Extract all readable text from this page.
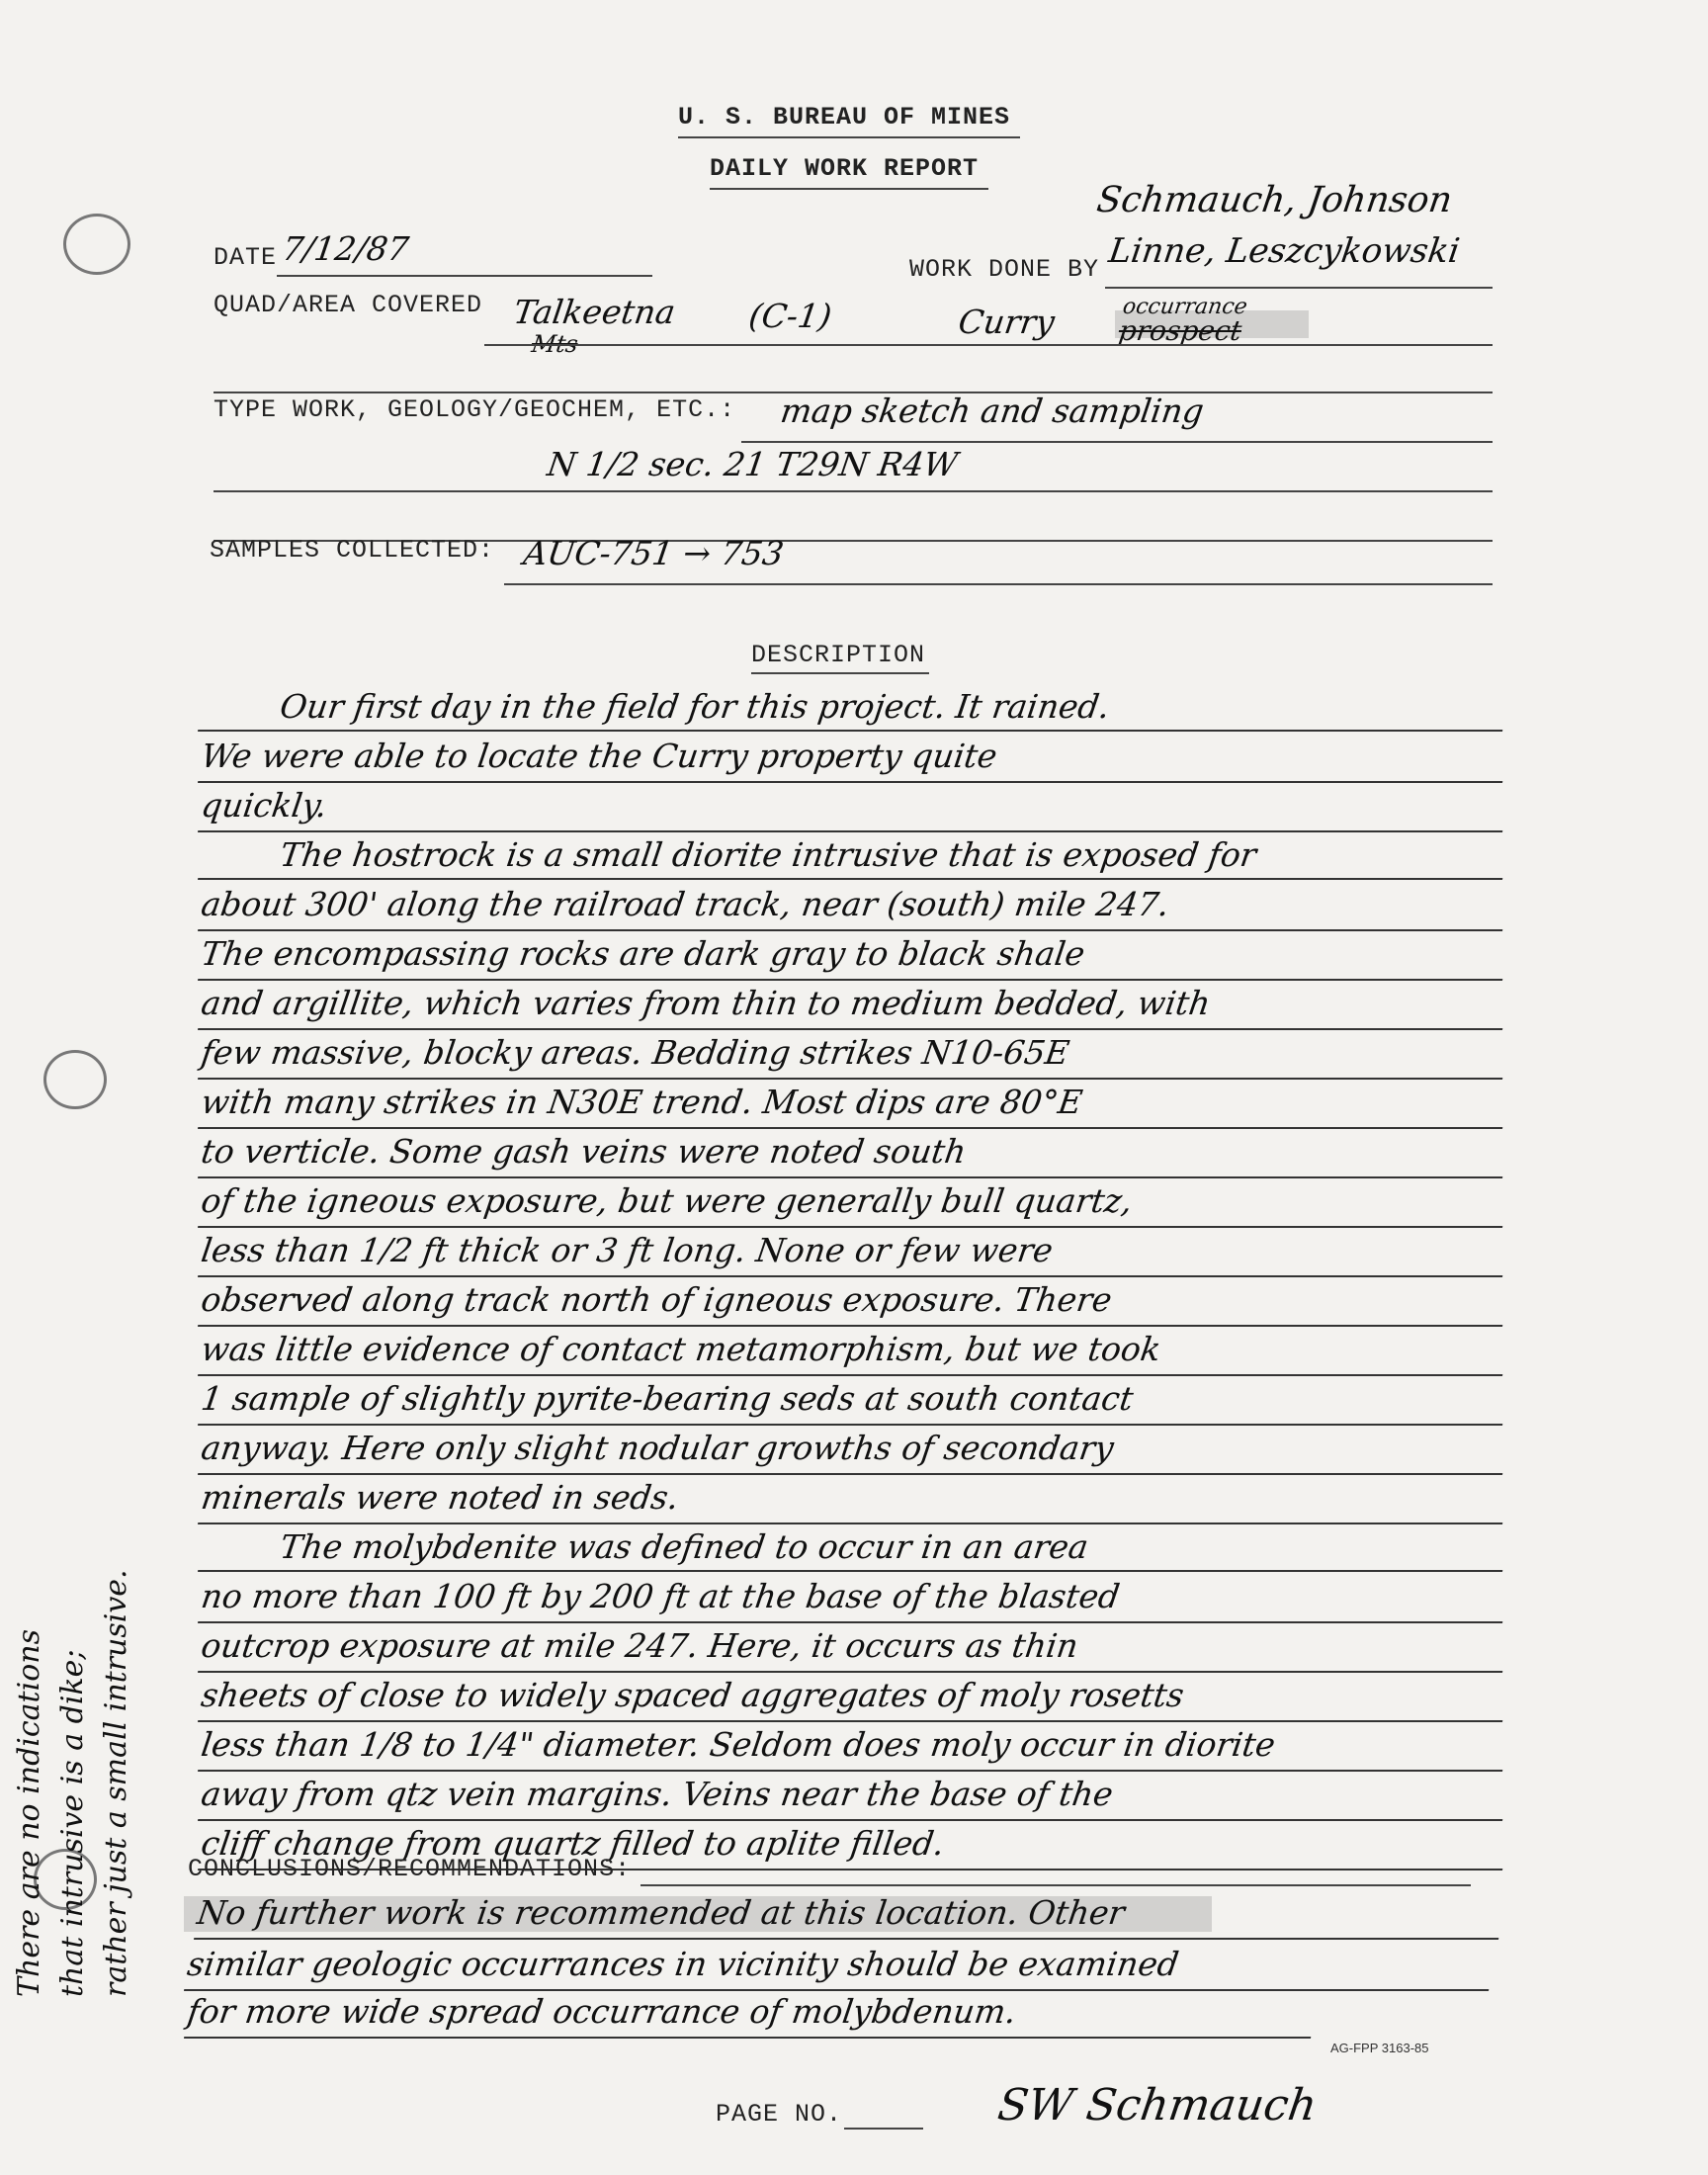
U. S. BUREAU OF MINES
DAILY WORK REPORT
DATE 7/12/87
WORK DONE BY
Schmauch, Johnson
Linne, Leszcykowski
QUAD/AREA COVERED Talkeetna
Mts
(C-1)	occurrance
Curry prospect
TYPE WORK, GEOLOGY/GEOCHEM, ETC.: map sketch and sampling
N 1/2 sec. 21 T29N R4W
SAMPLES COLLECTED: AUC-751 → 753
DESCRIPTION
Our first day in the field for this project. It rained.
We were able to locate the Curry property quite
quickly.
The hostrock is a small diorite intrusive that is exposed for
about 300' along the railroad track, near (south) mile 247.
The encompassing rocks are dark gray to black shale
and argillite, which varies from thin to medium bedded, with
few massive, blocky areas. Bedding strikes N10-65E
with many strikes in N30E trend. Most dips are 80°E
to verticle. Some gash veins were noted south
of the igneous exposure, but were generally bull quartz,
less than 1/2 ft thick or 3 ft long. None or few were
observed along track north of igneous exposure. There
was little evidence of contact metamorphism, but we took
1 sample of slightly pyrite-bearing seds at south contact
anyway. Here only slight nodular growths of secondary
minerals were noted in seds.
The molybdenite was defined to occur in an area
no more than 100 ft by 200 ft at the base of the blasted
outcrop exposure at mile 247. Here, it occurs as thin
sheets of close to widely spaced aggregates of moly rosetts
less than 1/8 to 1/4" diameter. Seldom does moly occur in diorite
away from qtz vein margins. Veins near the base of the
cliff change from quartz filled to aplite filled.
CONCLUSIONS/RECOMMENDATIONS:
No further work is recommended at this location. Other
similar geologic occurrances in vicinity should be examined
for more wide spread occurrance of molybdenum.
There are no indications that intrusive is a dike; rather just a small intrusive.
AG-FPP 3163-85
PAGE NO.	SW Schmauch
